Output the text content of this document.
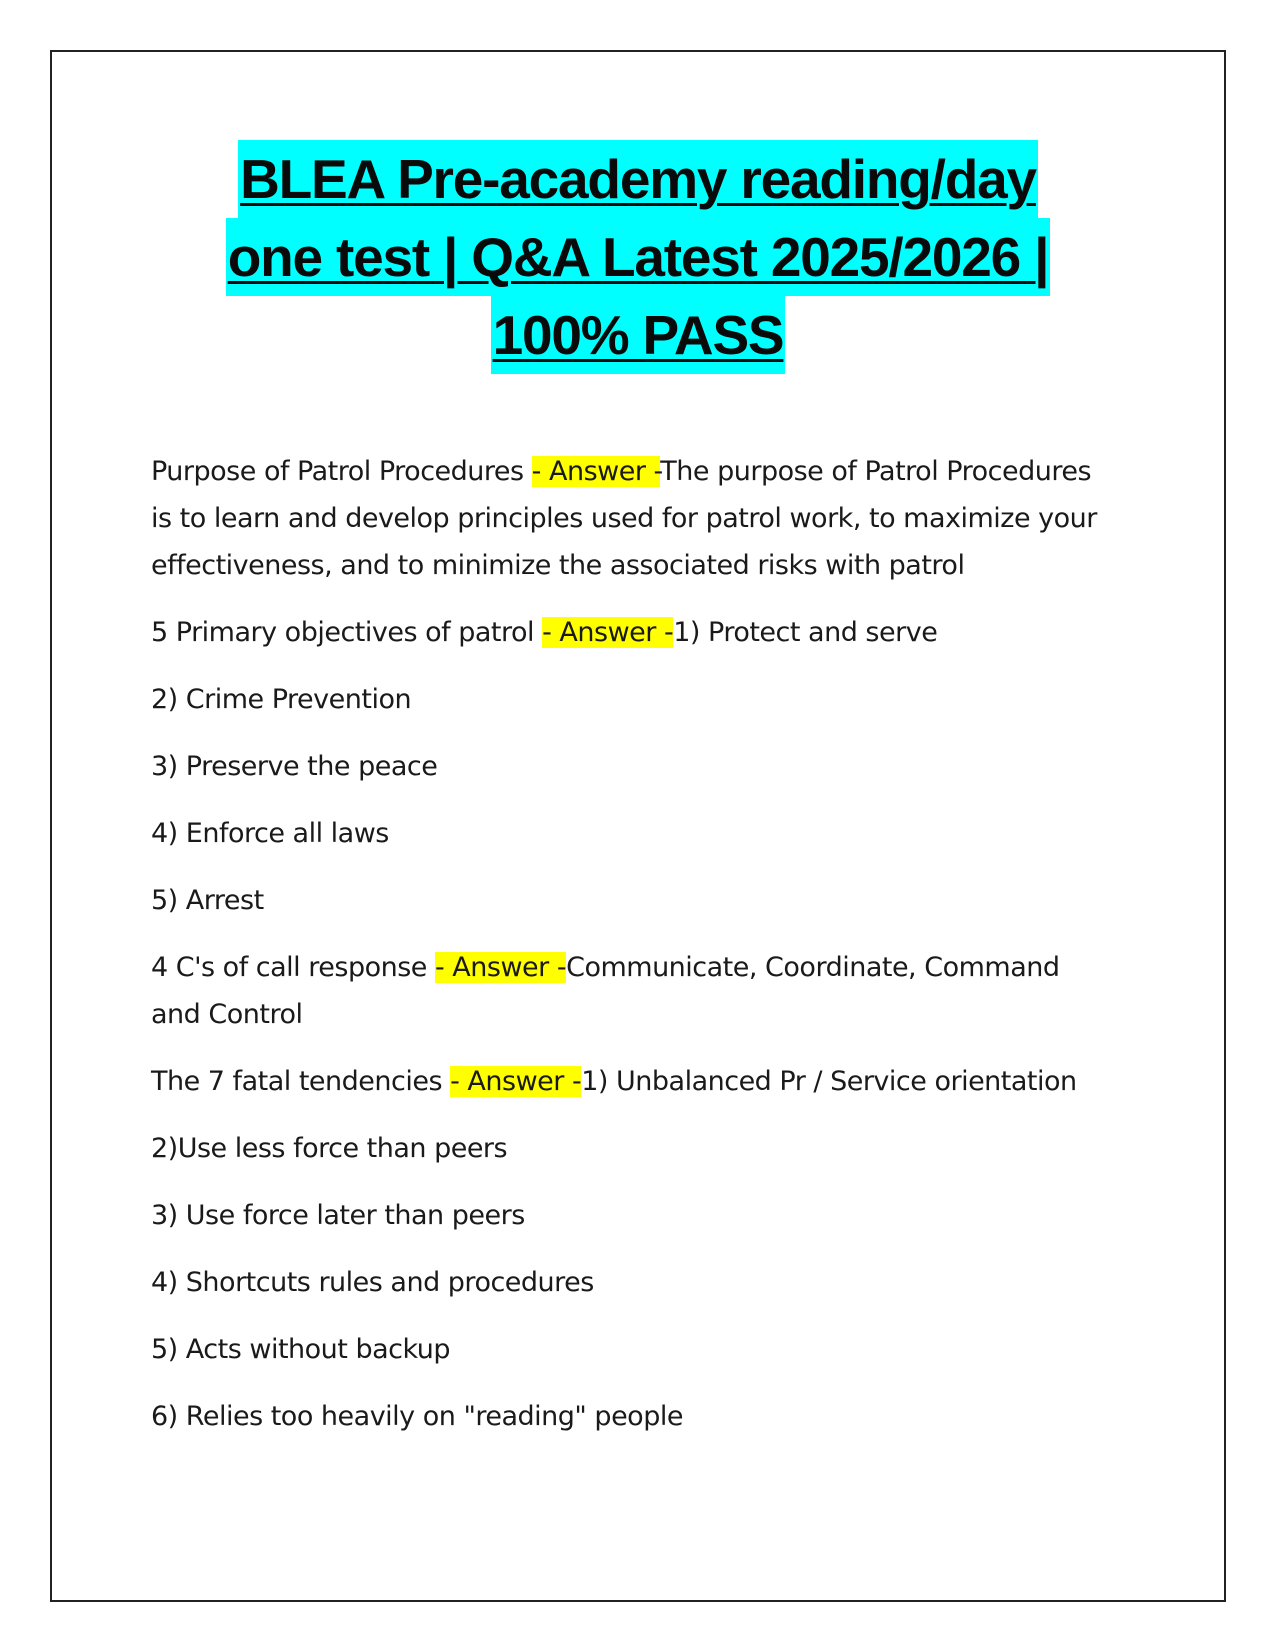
BLEA Pre-academy reading/day
one test | Q&A Latest 2025/2026 |
100% PASS

Purpose of Patrol Procedures - Answer -The purpose of Patrol Procedures is to learn and develop principles used for patrol work, to maximize your effectiveness, and to minimize the associated risks with patrol

5 Primary objectives of patrol - Answer -1) Protect and serve

2) Crime Prevention

3) Preserve the peace

4) Enforce all laws

5) Arrest

4 C's of call response - Answer -Communicate, Coordinate, Command and Control

The 7 fatal tendencies - Answer -1) Unbalanced Pr / Service orientation

2)Use less force than peers

3) Use force later than peers

4) Shortcuts rules and procedures

5) Acts without backup

6) Relies too heavily on "reading" people
